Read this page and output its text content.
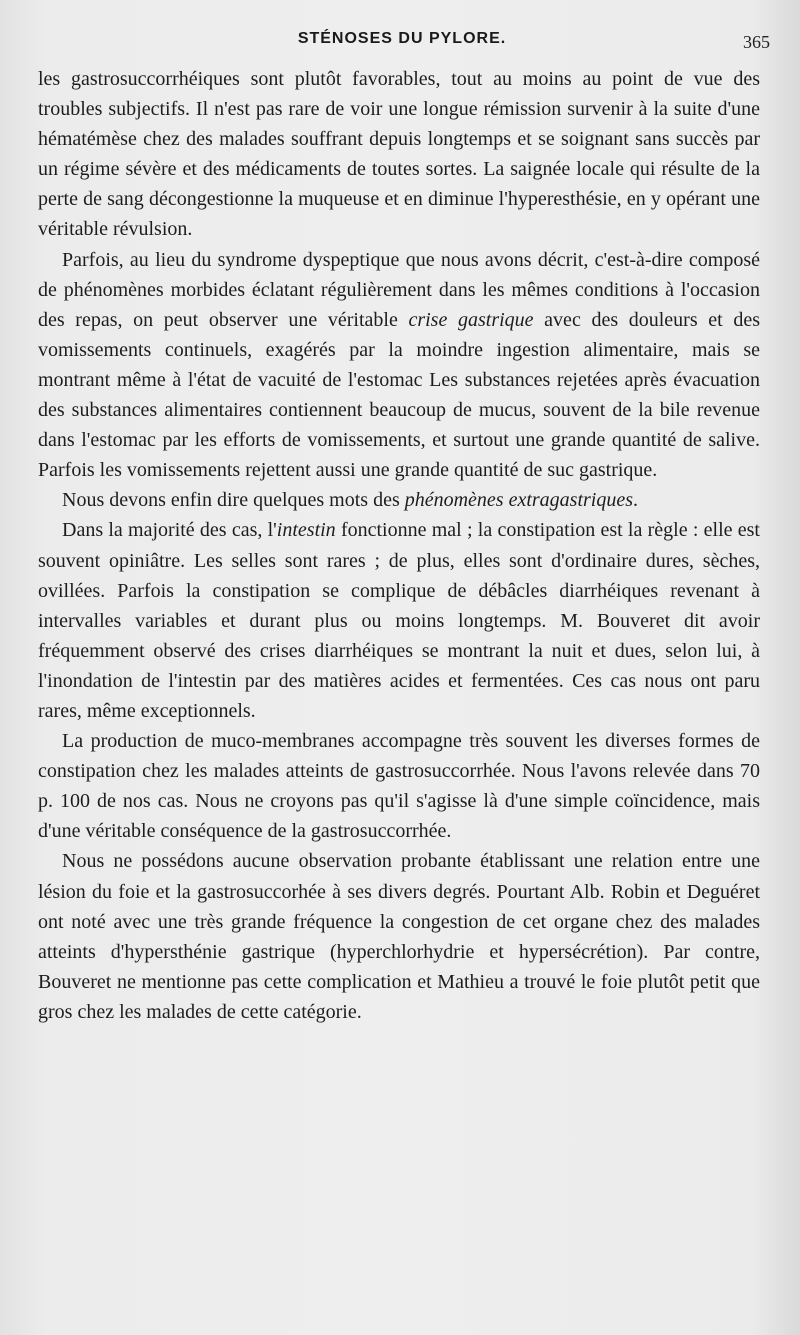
STÉNOSES DU PYLORE.	365

les gastrosuccorrhéiques sont plutôt favorables, tout au moins au point de vue des troubles subjectifs. Il n'est pas rare de voir une longue rémission survenir à la suite d'une hématémèse chez des malades souffrant depuis longtemps et se soignant sans succès par un régime sévère et des médicaments de toutes sortes. La saignée locale qui résulte de la perte de sang décongestionne la muqueuse et en diminue l'hyperesthésie, en y opérant une véritable révulsion.

Parfois, au lieu du syndrome dyspeptique que nous avons décrit, c'est-à-dire composé de phénomènes morbides éclatant régulièrement dans les mêmes conditions à l'occasion des repas, on peut observer une véritable crise gastrique avec des douleurs et des vomissements continuels, exagérés par la moindre ingestion alimentaire, mais se montrant même à l'état de vacuité de l'estomac Les substances rejetées après évacuation des substances alimentaires contiennent beaucoup de mucus, souvent de la bile revenue dans l'estomac par les efforts de vomissements, et surtout une grande quantité de salive. Parfois les vomissements rejettent aussi une grande quantité de suc gastrique.

Nous devons enfin dire quelques mots des phénomènes extragastriques.

Dans la majorité des cas, l'intestin fonctionne mal ; la constipation est la règle : elle est souvent opiniâtre. Les selles sont rares ; de plus, elles sont d'ordinaire dures, sèches, ovillées. Parfois la constipation se complique de débâcles diarrhéiques revenant à intervalles variables et durant plus ou moins longtemps. M. Bouveret dit avoir fréquemment observé des crises diarrhéiques se montrant la nuit et dues, selon lui, à l'inondation de l'intestin par des matières acides et fermentées. Ces cas nous ont paru rares, même exceptionnels.

La production de muco-membranes accompagne très souvent les diverses formes de constipation chez les malades atteints de gastrosuccorrhée. Nous l'avons relevée dans 70 p. 100 de nos cas. Nous ne croyons pas qu'il s'agisse là d'une simple coïncidence, mais d'une véritable conséquence de la gastrosuccorrhée.

Nous ne possédons aucune observation probante établissant une relation entre une lésion du foie et la gastrosuccorhée à ses divers degrés. Pourtant Alb. Robin et Deguéret ont noté avec une très grande fréquence la congestion de cet organe chez des malades atteints d'hypersthénie gastrique (hyperchlorhydrie et hypersécrétion). Par contre, Bouveret ne mentionne pas cette complication et Mathieu a trouvé le foie plutôt petit que gros chez les malades de cette catégorie.
